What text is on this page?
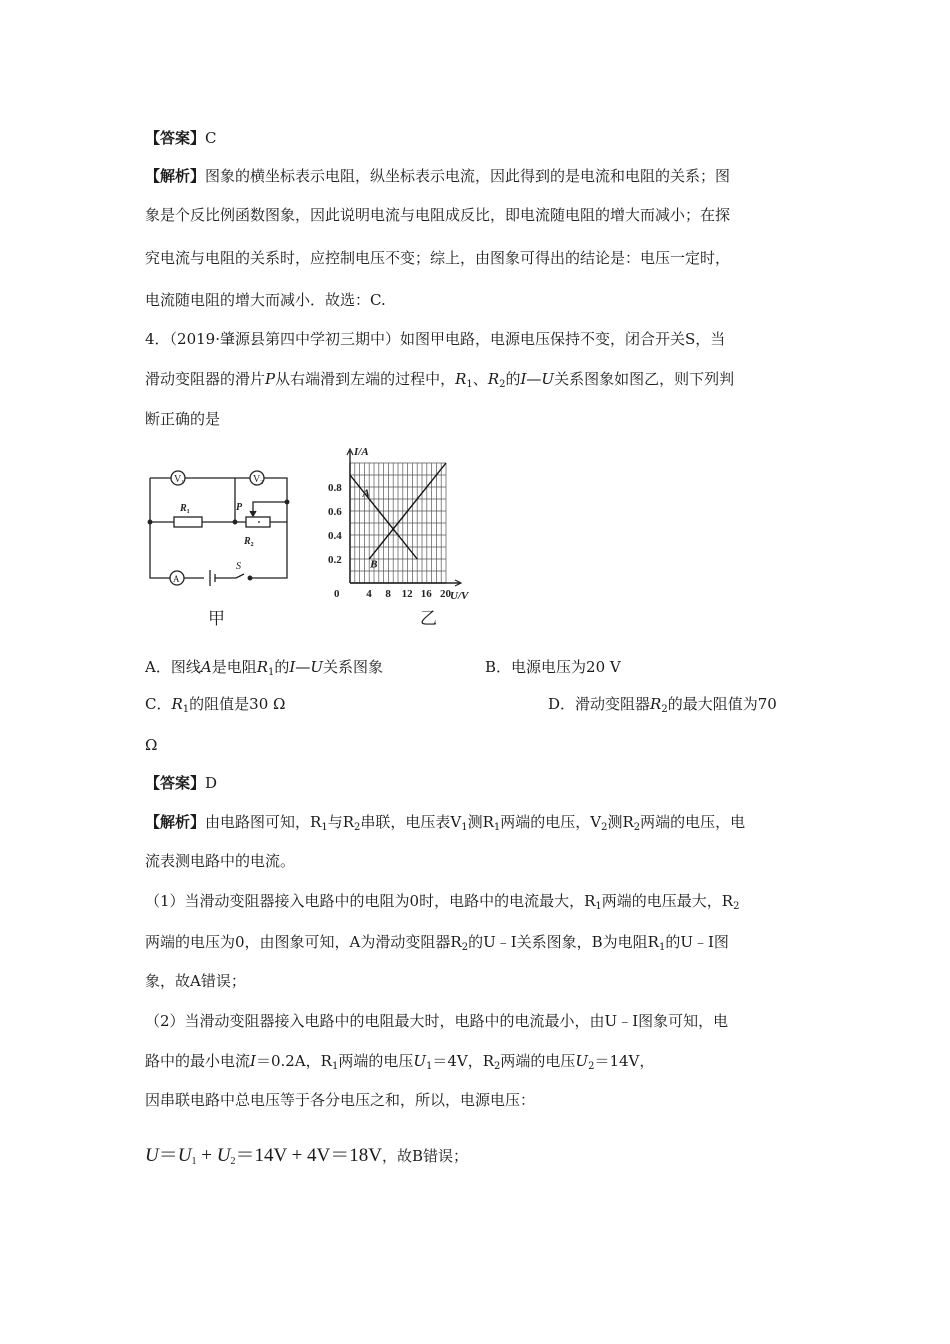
【答案】C
【解析】图象的横坐标表示电阻，纵坐标表示电流，因此得到的是电流和电阻的关系；图
象是个反比例函数图象，因此说明电流与电阻成反比，即电流随电阻的增大而减小；在探
究电流与电阻的关系时，应控制电压不变；综上，由图象可得出的结论是：电压一定时，
电流随电阻的增大而减小．故选：C.
4．（2019·肇源县第四中学初三期中）如图甲电路，电源电压保持不变，闭合开关S，当
滑动变阻器的滑片P从右端滑到左端的过程中，$R_1$、$R_2$的I—U关系图象如图乙，则下列判
断正确的是
$V_1$	$V_2$
$R_1$	P
$R_2$
A
S
甲
I/A
U/V
0
0.8
0.6
0.4
0.2
4 8 12 16 20
A
B
乙
A．图线A是电阻$R_1$的I—U关系图象	B．电源电压为20 V
C．$R_1$的阻值是30 Ω	D．滑动变阻器$R_2$的最大阻值为70
Ω
【答案】D
【解析】由电路图可知，$R_1$与$R_2$串联，电压表$V_1$测$R_1$两端的电压，$V_2$测$R_2$两端的电压，电
流表测电路中的电流。
（1）当滑动变阻器接入电路中的电阻为0时，电路中的电流最大，$R_1$两端的电压最大，$R_2$
两端的电压为0，由图象可知，A为滑动变阻器$R_2$的U﹣I关系图象，B为电阻$R_1$的U﹣I图
象，故A错误；
（2）当滑动变阻器接入电路中的电阻最大时，电路中的电流最小，由U﹣I图象可知，电
路中的最小电流I＝0.2A，$R_1$两端的电压$U_1=4V$，$R_2$两端的电压$U_2=14V$，
因串联电路中总电压等于各分电压之和，所以，电源电压：
$U=U_1 + U_2=14V + 4V=18V$，故B错误；
